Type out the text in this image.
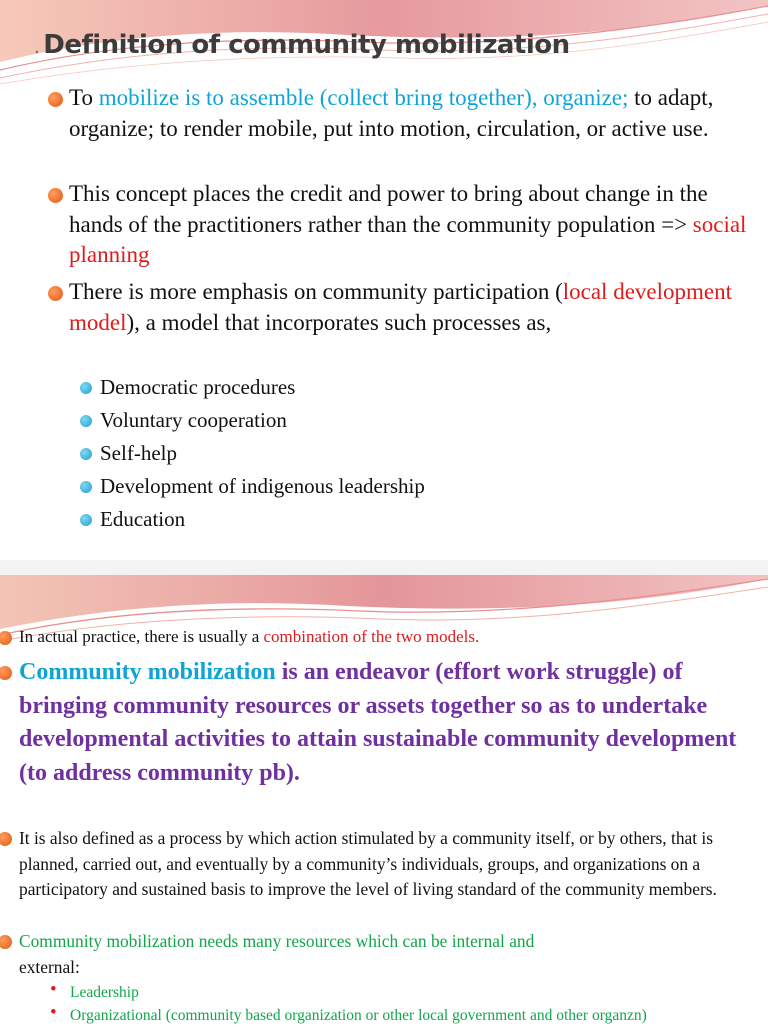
. Definition of community mobilization
To mobilize is to assemble (collect bring together), organize; to adapt, organize; to render mobile, put into motion, circulation, or active use.
This concept places the credit and power to bring about change in the hands of the practitioners rather than the community population => social planning
There is more emphasis on community participation (local development model), a model that incorporates such processes as,
Democratic procedures
Voluntary cooperation
Self-help
Development of indigenous leadership
Education
In actual practice, there is usually a combination of the two models.
Community mobilization is an endeavor (effort work struggle) of bringing community resources or assets together so as to undertake developmental activities to attain sustainable community development (to address community pb).
It is also defined as a process by which action stimulated by a community itself, or by others, that is planned, carried out, and eventually by a community’s individuals, groups, and organizations on a participatory and sustained basis to improve the level of living standard of the community members.
Community mobilization needs many resources which can be internal and
external:
• Leadership
• Organizational (community based organization or other local government and other organzn)
